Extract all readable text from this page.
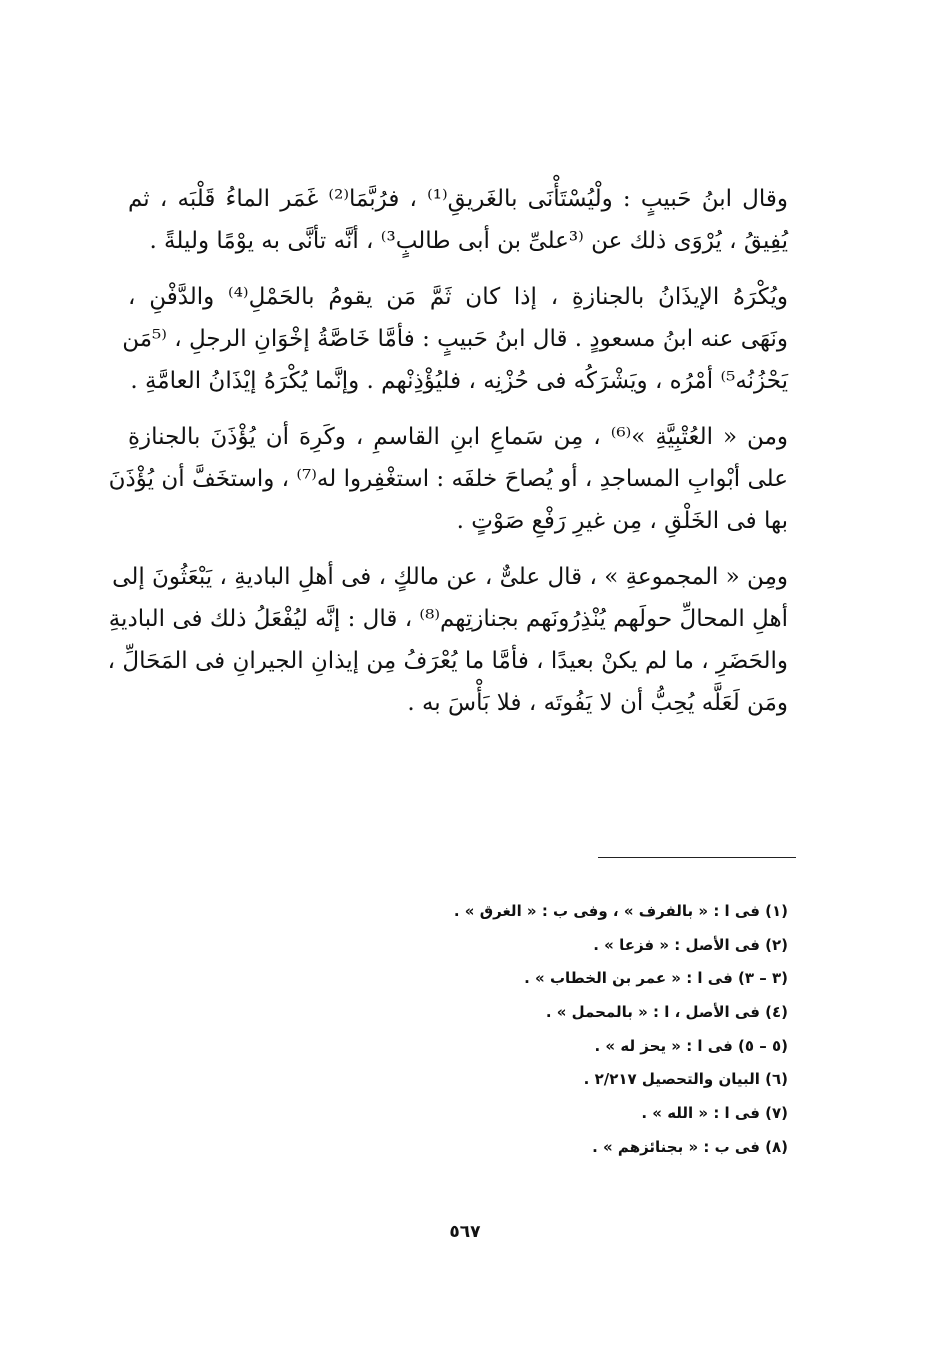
وقال ابنُ حَبيبٍ : ولْيُسْتَأْنَى بالغَريقِ⁽¹⁾ ، فرُبَّمَا⁽²⁾ غَمَر الماءُ قَلْبَه ، ثم
يُفِيقُ ، يُرْوَى ذلك عن ⁽³علىِّ بن أبى طالبٍ³⁾ ، أنَّه تأنَّى به يوْمًا وليلةً .
ويُكْرَهُ الإيذَانُ بالجنازةِ ، إذا كان ثَمَّ مَن يقومُ بالحَمْلِ⁽⁴⁾ والدَّفْنِ ،
ونَهَى عنه ابنُ مسعودٍ . قال ابنُ حَبيبٍ : فأمَّا خَاصَّةُ إخْوَانِ الرجلِ ، ⁽⁵مَن
يَحْزُنُه⁵⁾ أمْرُه ، ويَشْرَكُه فى حُزْنِه ، فليُؤْذِنْهم . وإنَّما يُكْرَهُ إيْذَانُ العامَّةِ .
ومن « العُتْبِيَّةِ »⁽⁶⁾ ، مِن سَماعِ ابنِ القاسمِ ، وكَرِهَ أن يُؤْذَنَ بالجنازةِ
على أبْوابِ المساجدِ ، أو يُصاحَ خلفَه : استغْفِروا له⁽⁷⁾ ، واستخَفَّ أن يُؤْذَنَ
بها فى الخَلْقِ ، مِن غيرِ رَفْعِ صَوْتٍ .
ومِن « المجموعةِ » ، قال علىٌّ ، عن مالكٍ ، فى أهلِ الباديةِ ، يَبْعَثُونَ إلى
أهلِ المحالِّ حولَهم يُنْذِرُونَهم بجنازتِهم⁽⁸⁾ ، قال : إنَّه ليُفْعَلُ ذلك فى الباديةِ
والحَضَرِ ، ما لم يكنْ بعيدًا ، فأمَّا ما يُعْرَفُ مِن إيذانِ الجيرانِ فى المَحَالِّ ،
ومَن لَعَلَّه يُحِبُّ أن لا يَفُوتَه ، فلا بَأْسَ به .
(١) فى ا : « بالفرف » ، وفى ب : « الغرق » .
(٢) فى الأصل : « فزعا » .
(٣ – ٣) فى ا : « عمر بن الخطاب » .
(٤) فى الأصل ، ا : « بالمحمل » .
(٥ – ٥) فى ا : « يحز له » .
(٦) البيان والتحصيل ٢/٢١٧ .
(٧) فى ا : « الله » .
(٨) فى ب : « بجنائزهم » .
٥٦٧
